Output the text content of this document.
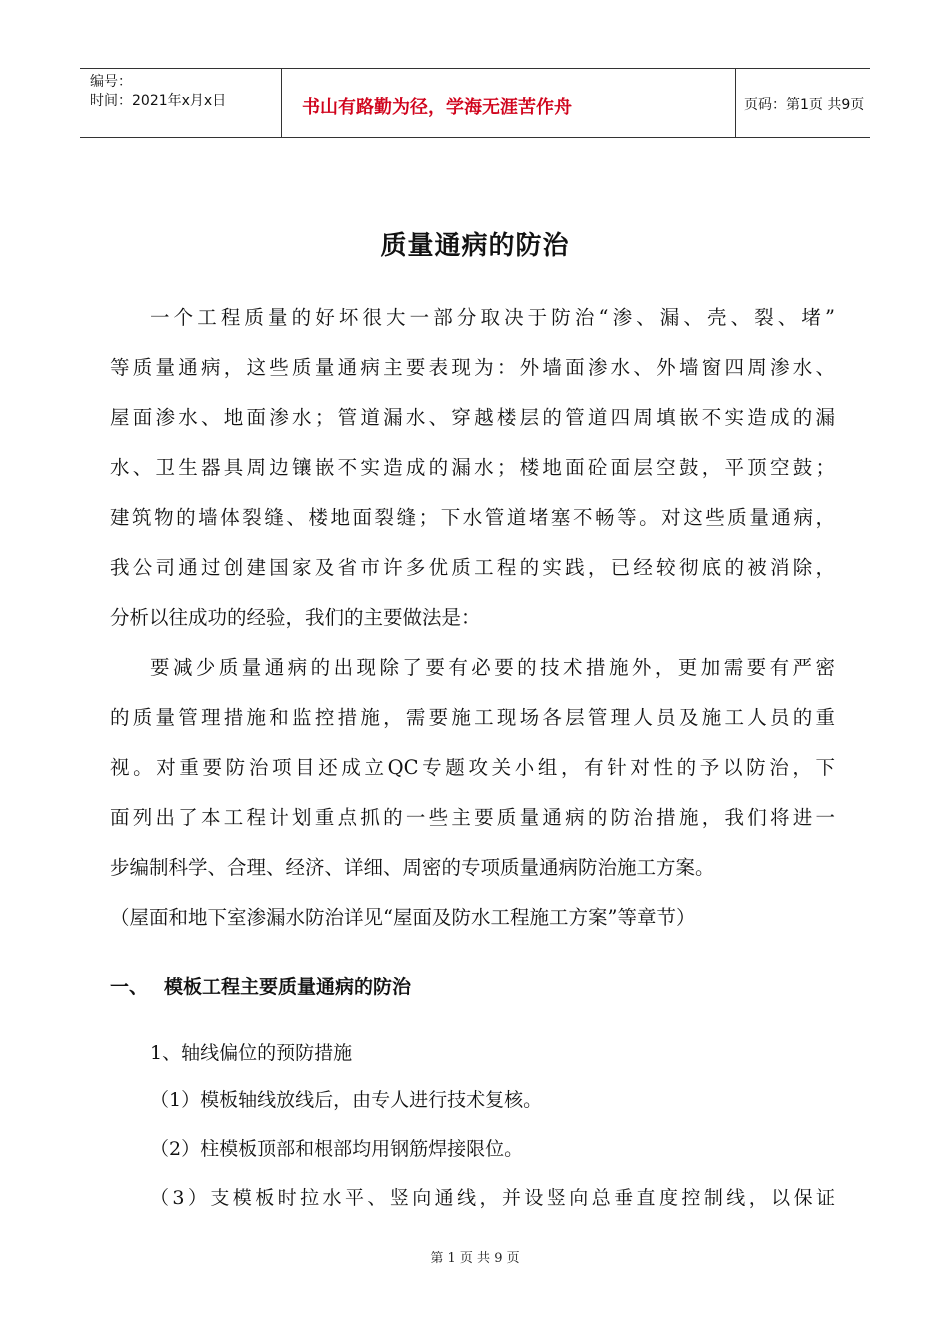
编号：
时间：2021年x月x日	书山有路勤为径，学海无涯苦作舟	页码：第1页 共9页
质量通病的防治
一个工程质量的好坏很大一部分取决于防治“渗、漏、壳、裂、堵”
等质量通病，这些质量通病主要表现为：外墙面渗水、外墙窗四周渗水、
屋面渗水、地面渗水；管道漏水、穿越楼层的管道四周填嵌不实造成的漏
水、卫生器具周边镶嵌不实造成的漏水；楼地面砼面层空鼓，平顶空鼓；
建筑物的墙体裂缝、楼地面裂缝；下水管道堵塞不畅等。对这些质量通病，
我公司通过创建国家及省市许多优质工程的实践，已经较彻底的被消除，
分析以往成功的经验，我们的主要做法是：
要减少质量通病的出现除了要有必要的技术措施外，更加需要有严密
的质量管理措施和监控措施，需要施工现场各层管理人员及施工人员的重
视。对重要防治项目还成立QC专题攻关小组，有针对性的予以防治，下
面列出了本工程计划重点抓的一些主要质量通病的防治措施，我们将进一
步编制科学、合理、经济、详细、周密的专项质量通病防治施工方案。
（屋面和地下室渗漏水防治详见“屋面及防水工程施工方案”等章节）
一、 模板工程主要质量通病的防治
1、轴线偏位的预防措施
（1）模板轴线放线后，由专人进行技术复核。
（2）柱模板顶部和根部均用钢筋焊接限位。
（3）支模板时拉水平、竖向通线，并设竖向总垂直度控制线，以保证
第 1 页 共 9 页
